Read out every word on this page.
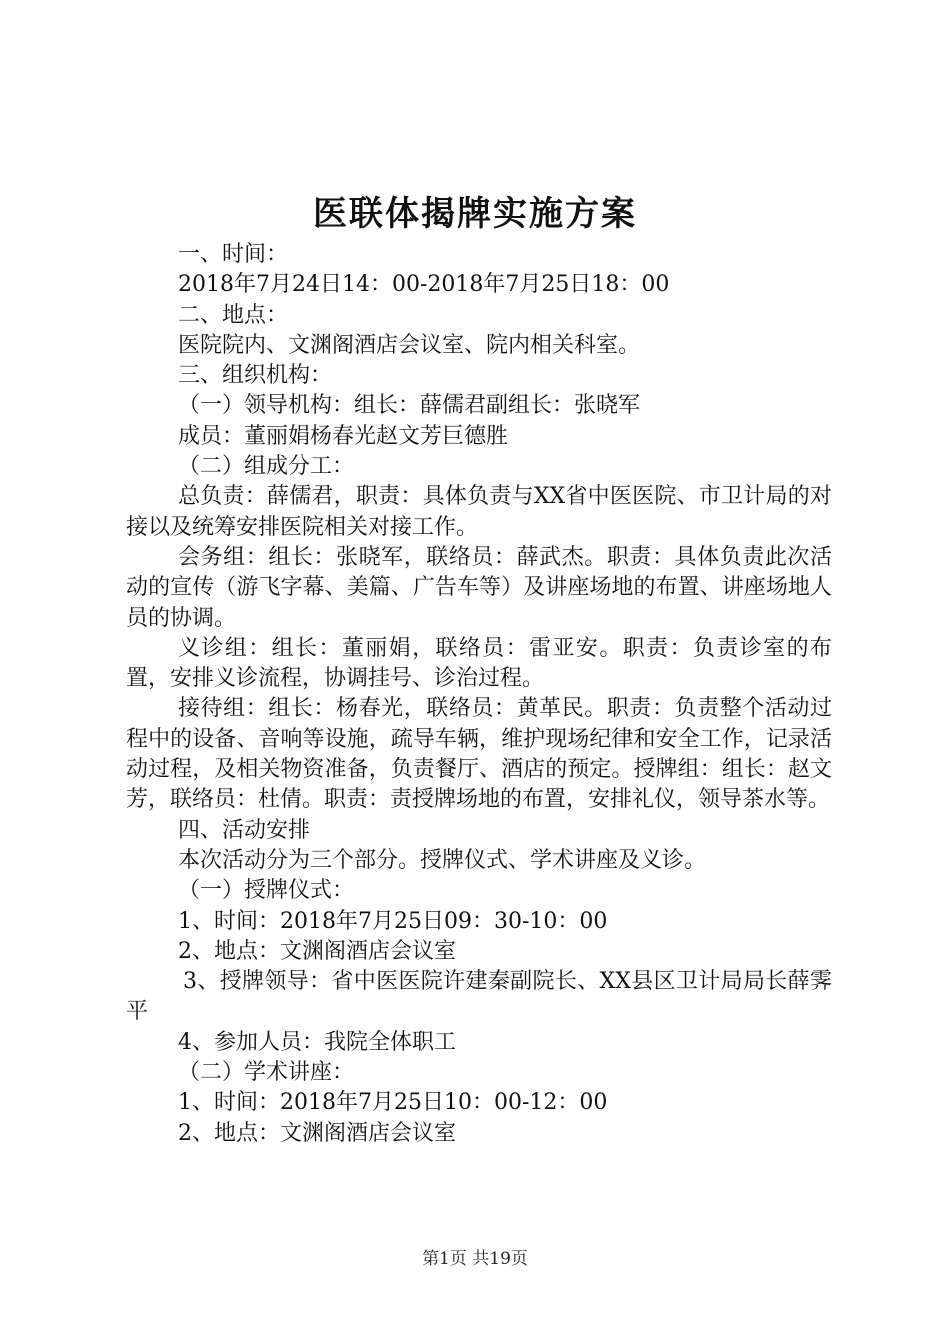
医联体揭牌实施方案

一、时间：

2018年7月24日14：00-2018年7月25日18：00

二、地点：

医院院内、文渊阁酒店会议室、院内相关科室。

三、组织机构：

（一）领导机构：组长：薛儒君副组长：张晓军

成员：董丽娟杨春光赵文芳巨德胜

（二）组成分工：

总负责：薛儒君，职责：具体负责与XX省中医医院、市卫计局的对接以及统筹安排医院相关对接工作。

会务组：组长：张晓军，联络员：薛武杰。职责：具体负责此次活动的宣传（游飞字幕、美篇、广告车等）及讲座场地的布置、讲座场地人员的协调。

义诊组：组长：董丽娟，联络员：雷亚安。职责：负责诊室的布置，安排义诊流程，协调挂号、诊治过程。

接待组：组长：杨春光，联络员：黄革民。职责：负责整个活动过程中的设备、音响等设施，疏导车辆，维护现场纪律和安全工作，记录活动过程，及相关物资准备，负责餐厅、酒店的预定。授牌组：组长：赵文芳，联络员：杜倩。职责：责授牌场地的布置，安排礼仪，领导茶水等。

四、活动安排

本次活动分为三个部分。授牌仪式、学术讲座及义诊。

（一）授牌仪式：

1、时间：2018年7月25日09：30-10：00

2、地点：文渊阁酒店会议室

3、授牌领导：省中医医院许建秦副院长、XX县区卫计局局长薛霁平

4、参加人员：我院全体职工

（二）学术讲座：

1、时间：2018年7月25日10：00-12：00

2、地点：文渊阁酒店会议室

第1页 共19页
